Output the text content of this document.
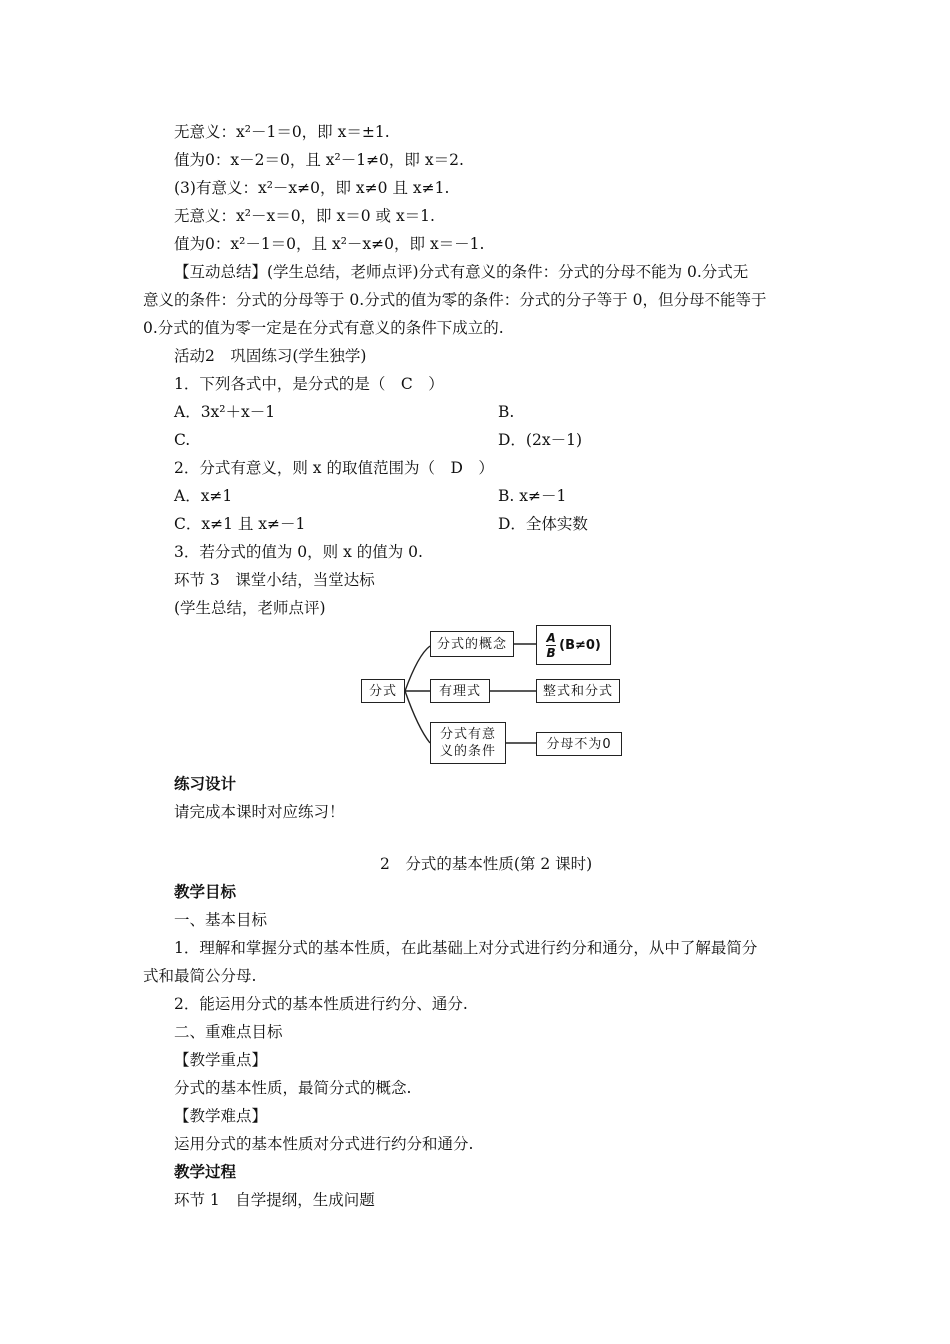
无意义：x²－1＝0，即 x＝±1.
值为0：x－2＝0，且 x²－1≠0，即 x＝2.
(3)有意义：x²－x≠0，即 x≠0 且 x≠1.
无意义：x²－x＝0，即 x＝0 或 x＝1.
值为0：x²－1＝0，且 x²－x≠0，即 x＝－1.
【互动总结】(学生总结，老师点评)分式有意义的条件：分式的分母不能为 0.分式无
意义的条件：分式的分母等于 0.分式的值为零的条件：分式的分子等于 0，但分母不能等于
0.分式的值为零一定是在分式有意义的条件下成立的.
活动2　巩固练习(学生独学)
1．下列各式中，是分式的是（　C　）
A．3x²＋x－1	B.
C.	D．(2x－1)
2．分式有意义，则 x 的取值范围为（　D　）
A．x≠1	B. x≠－1
C．x≠1 且 x≠－1	D．全体实数
3．若分式的值为 0，则 x 的值为 0.
环节 3　课堂小结，当堂达标
(学生总结，老师点评)
分式
分式的概念	$\frac{A}{B} (B\ne 0)$
有理式	整式和分式
分式有意
义的条件	分母不为0
练习设计
请完成本课时对应练习！
2　分式的基本性质(第 2 课时)
教学目标
一、基本目标
1．理解和掌握分式的基本性质，在此基础上对分式进行约分和通分，从中了解最简分
式和最简公分母.
2．能运用分式的基本性质进行约分、通分.
二、重难点目标
【教学重点】
分式的基本性质，最简分式的概念.
【教学难点】
运用分式的基本性质对分式进行约分和通分.
教学过程
环节 1　自学提纲，生成问题
